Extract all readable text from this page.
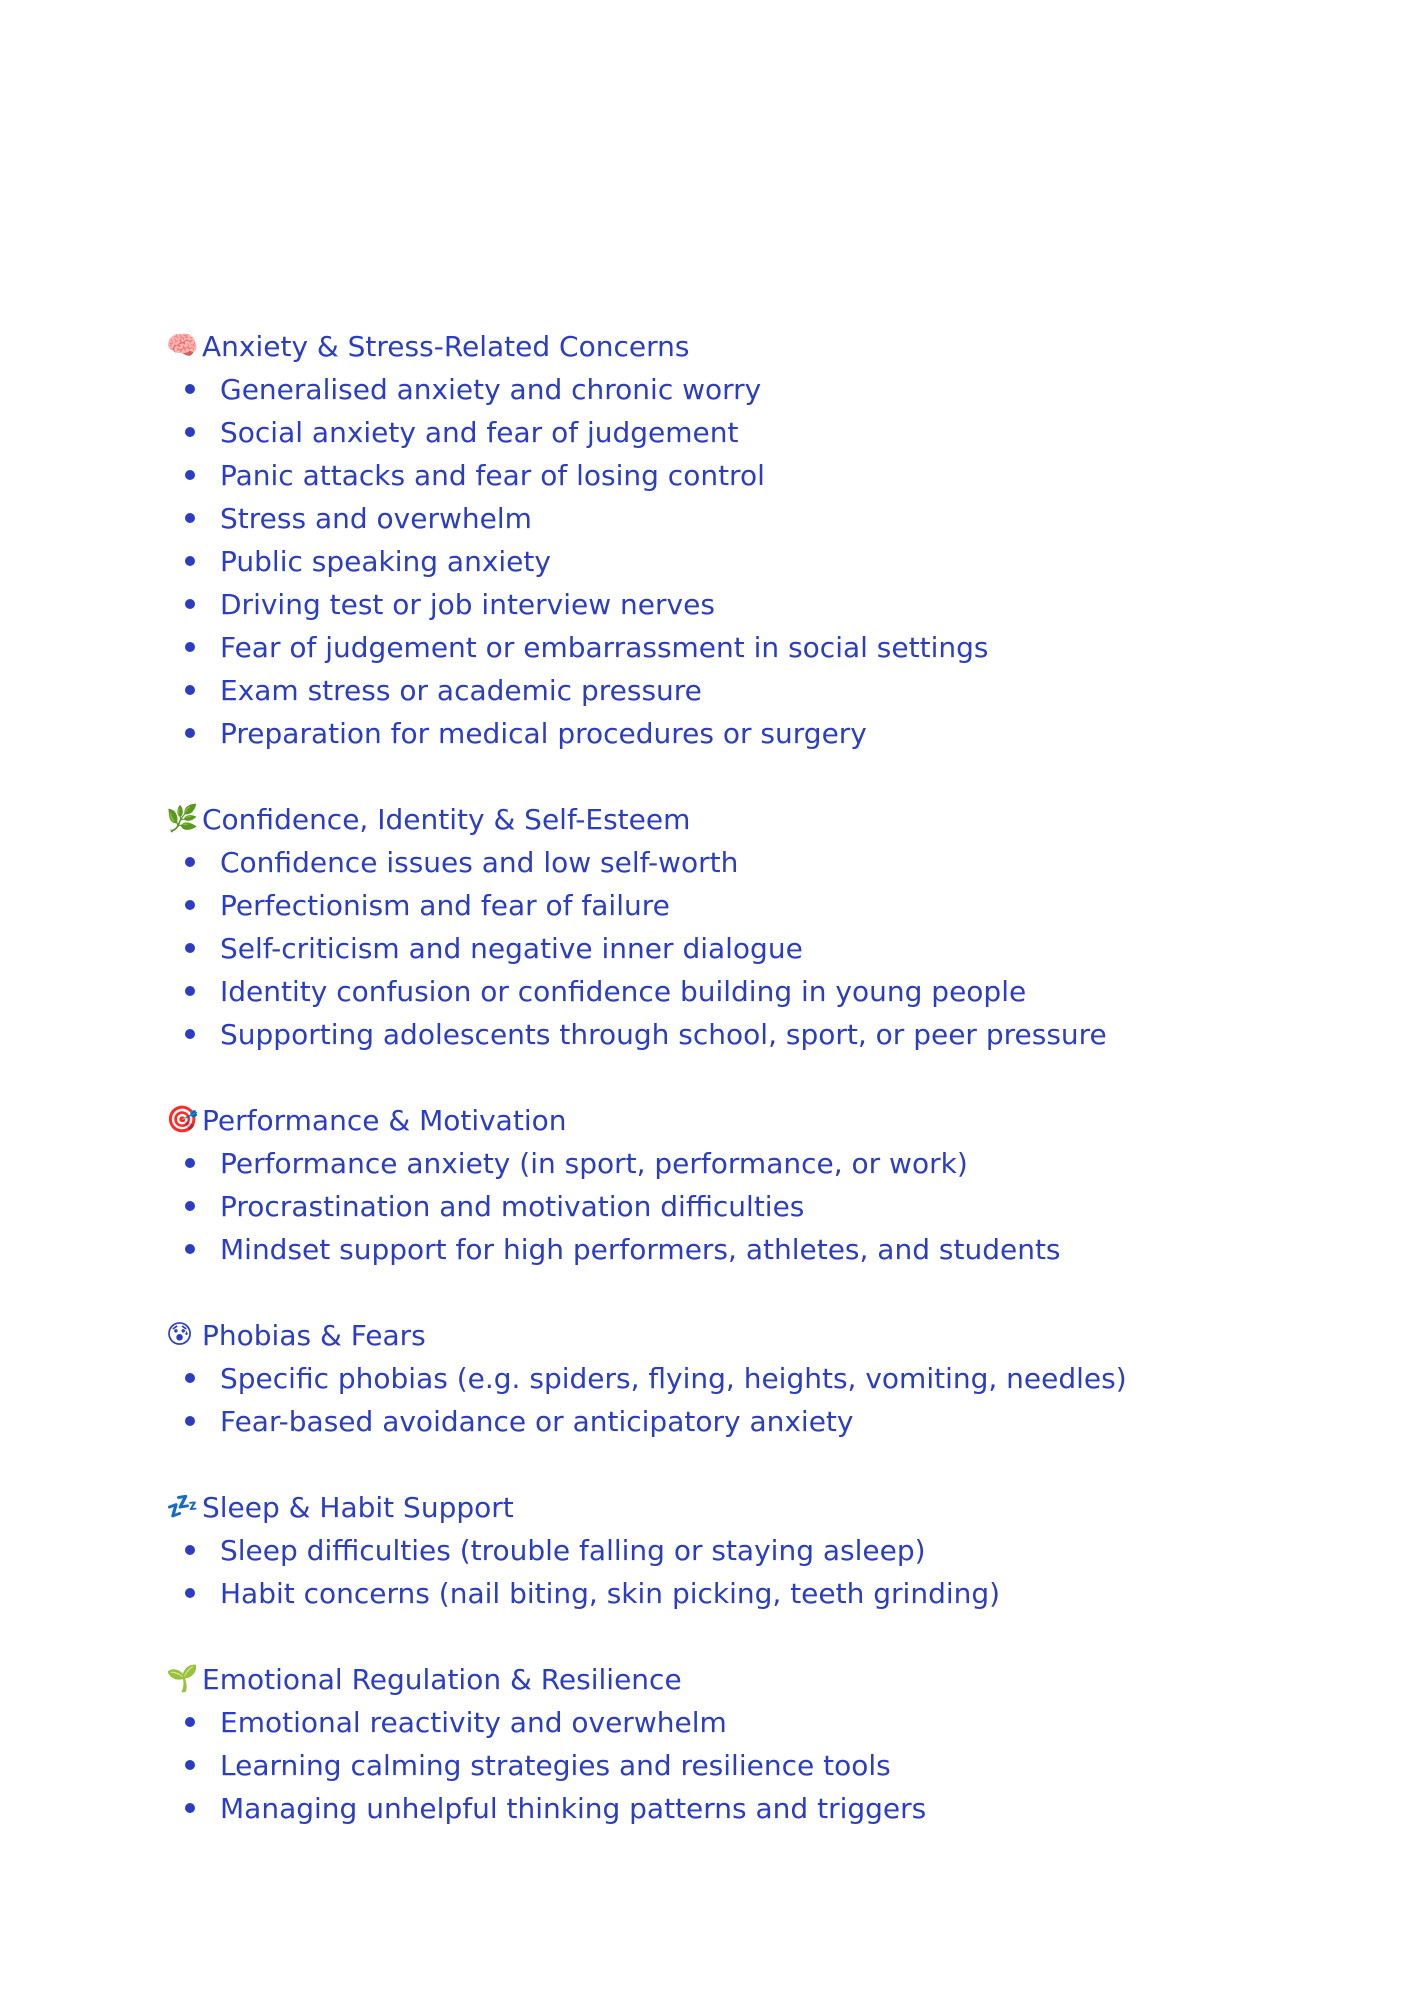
🧠 Anxiety & Stress-Related Concerns
Generalised anxiety and chronic worry
Social anxiety and fear of judgement
Panic attacks and fear of losing control
Stress and overwhelm
Public speaking anxiety
Driving test or job interview nerves
Fear of judgement or embarrassment in social settings
Exam stress or academic pressure
Preparation for medical procedures or surgery
🌿 Confidence, Identity & Self-Esteem
Confidence issues and low self-worth
Perfectionism and fear of failure
Self-criticism and negative inner dialogue
Identity confusion or confidence building in young people
Supporting adolescents through school, sport, or peer pressure
🎯 Performance & Motivation
Performance anxiety (in sport, performance, or work)
Procrastination and motivation difficulties
Mindset support for high performers, athletes, and students
😰 Phobias & Fears
Specific phobias (e.g. spiders, flying, heights, vomiting, needles)
Fear-based avoidance or anticipatory anxiety
💤 Sleep & Habit Support
Sleep difficulties (trouble falling or staying asleep)
Habit concerns (nail biting, skin picking, teeth grinding)
🌱 Emotional Regulation & Resilience
Emotional reactivity and overwhelm
Learning calming strategies and resilience tools
Managing unhelpful thinking patterns and triggers
